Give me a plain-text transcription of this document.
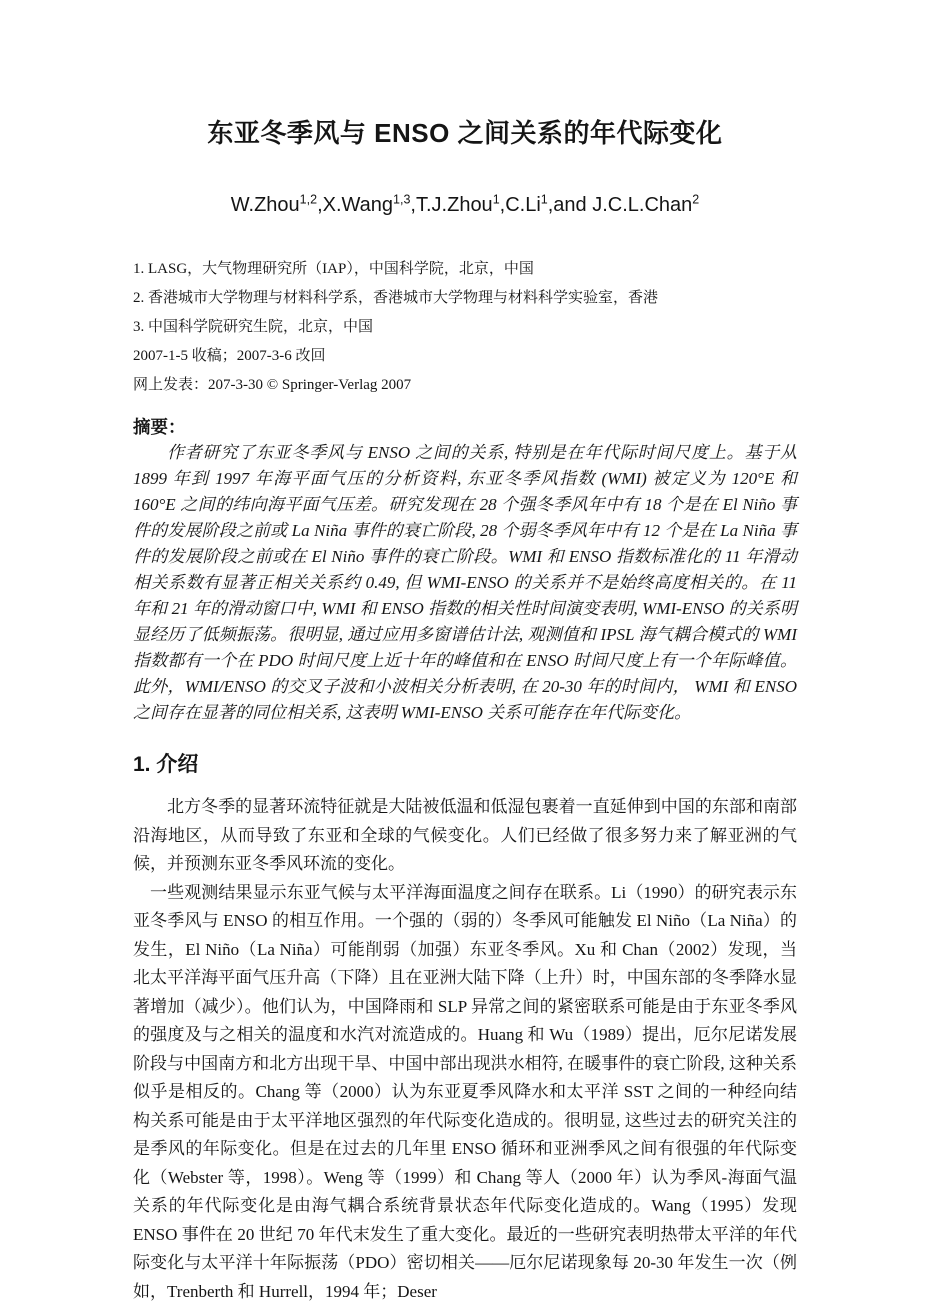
东亚冬季风与 ENSO 之间关系的年代际变化
W.Zhou$^{1,2}$,X.Wang$^{1,3}$,T.J.Zhou$^1$,C.Li$^1$,and J.C.L.Chan$^2$
1. LASG，大气物理研究所（IAP），中国科学院，北京，中国
2. 香港城市大学物理与材料科学系，香港城市大学物理与材料科学实验室，香港
3. 中国科学院研究生院，北京，中国
2007-1-5 收稿；2007-3-6 改回
网上发表：207-3-30 © Springer-Verlag 2007
摘要：

作者研究了东亚冬季风与 ENSO 之间的关系, 特别是在年代际时间尺度上。基于从 1899 年到 1997 年海平面气压的分析资料, 东亚冬季风指数 (WMI) 被定义为 120°E 和 160°E 之间的纬向海平面气压差。研究发现在 28 个强冬季风年中有 18 个是在 El Niño 事件的发展阶段之前或 La Niña 事件的衰亡阶段, 28 个弱冬季风年中有 12 个是在 La Niña 事件的发展阶段之前或在 El Niño 事件的衰亡阶段。WMI 和 ENSO 指数标准化的 11 年滑动相关系数有显著正相关关系约 0.49, 但 WMI-ENSO 的关系并不是始终高度相关的。在 11 年和 21 年的滑动窗口中, WMI 和 ENSO 指数的相关性时间演变表明, WMI-ENSO 的关系明显经历了低频振荡。很明显, 通过应用多窗谱估计法, 观测值和 IPSL 海气耦合模式的 WMI 指数都有一个在 PDO 时间尺度上近十年的峰值和在 ENSO 时间尺度上有一个年际峰值。此外，WMI/ENSO 的交叉子波和小波相关分析表明, 在 20-30 年的时间内， WMI 和 ENSO 之间存在显著的同位相关系, 这表明 WMI-ENSO 关系可能存在年代际变化。

1. 介绍

北方冬季的显著环流特征就是大陆被低温和低湿包裹着一直延伸到中国的东部和南部沿海地区，从而导致了东亚和全球的气候变化。人们已经做了很多努力来了解亚洲的气候，并预测东亚冬季风环流的变化。

一些观测结果显示东亚气候与太平洋海面温度之间存在联系。Li（1990）的研究表示东亚冬季风与 ENSO 的相互作用。一个强的（弱的）冬季风可能触发 El Niño（La Niña）的发生，El Niño（La Niña）可能削弱（加强）东亚冬季风。Xu 和 Chan（2002）发现，当北太平洋海平面气压升高（下降）且在亚洲大陆下降（上升）时，中国东部的冬季降水显著增加（减少）。他们认为，中国降雨和 SLP 异常之间的紧密联系可能是由于东亚冬季风的强度及与之相关的温度和水汽对流造成的。Huang 和 Wu（1989）提出，厄尔尼诺发展阶段与中国南方和北方出现干旱、中国中部出现洪水相符, 在暖事件的衰亡阶段, 这种关系似乎是相反的。Chang 等（2000）认为东亚夏季风降水和太平洋 SST 之间的一种经向结构关系可能是由于太平洋地区强烈的年代际变化造成的。很明显, 这些过去的研究关注的是季风的年际变化。但是在过去的几年里 ENSO 循环和亚洲季风之间有很强的年代际变化（Webster 等，1998）。Weng 等（1999）和 Chang 等人（2000 年）认为季风-海面气温关系的年代际变化是由海气耦合系统背景状态年代际变化造成的。Wang（1995）发现 ENSO 事件在 20 世纪 70 年代末发生了重大变化。最近的一些研究表明热带太平洋的年代际变化与太平洋十年际振荡（PDO）密切相关——厄尔尼诺现象每 20-30 年发生一次（例如，Trenberth 和 Hurrell，1994 年；Deser
